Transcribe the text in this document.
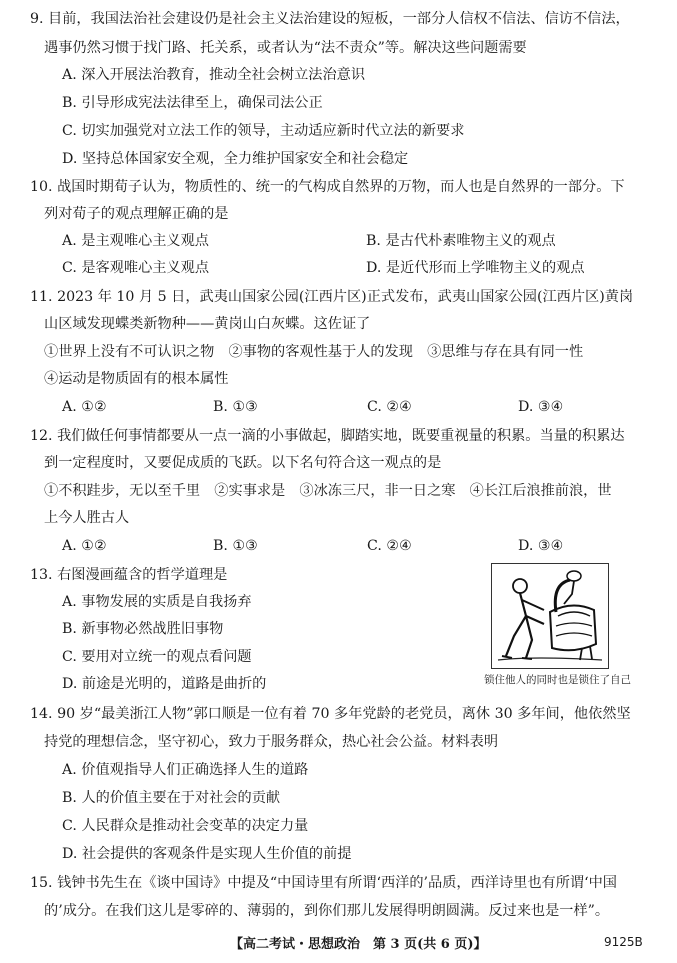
9. 目前，我国法治社会建设仍是社会主义法治建设的短板，一部分人信权不信法、信访不信法，
遇事仍然习惯于找门路、托关系，或者认为“法不责众”等。解决这些问题需要
A. 深入开展法治教育，推动全社会树立法治意识
B. 引导形成宪法法律至上，确保司法公正
C. 切实加强党对立法工作的领导，主动适应新时代立法的新要求
D. 坚持总体国家安全观，全力维护国家安全和社会稳定
10. 战国时期荀子认为，物质性的、统一的气构成自然界的万物，而人也是自然界的一部分。下
列对荀子的观点理解正确的是
A. 是主观唯心主义观点	B. 是古代朴素唯物主义的观点
C. 是客观唯心主义观点	D. 是近代形而上学唯物主义的观点
11. 2023 年 10 月 5 日，武夷山国家公园(江西片区)正式发布，武夷山国家公园(江西片区)黄岗
山区域发现蝶类新物种——黄岗山白灰蝶。这佐证了
①世界上没有不可认识之物　②事物的客观性基于人的发现　③思维与存在具有同一性
④运动是物质固有的根本属性
A. ①②	B. ①③	C. ②④	D. ③④
12. 我们做任何事情都要从一点一滴的小事做起，脚踏实地，既要重视量的积累。当量的积累达
到一定程度时，又要促成质的飞跃。以下名句符合这一观点的是
①不积跬步，无以至千里　②实事求是　③冰冻三尺，非一日之寒　④长江后浪推前浪，世
上今人胜古人
A. ①②	B. ①③	C. ②④	D. ③④
13. 右图漫画蕴含的哲学道理是
A. 事物发展的实质是自我扬弃
B. 新事物必然战胜旧事物
C. 要用对立统一的观点看问题
D. 前途是光明的，道路是曲折的	锁住他人的同时也是锁住了自己
14. 90 岁“最美浙江人物”郭口顺是一位有着 70 多年党龄的老党员，离休 30 多年间，他依然坚
持党的理想信念，坚守初心，致力于服务群众，热心社会公益。材料表明
A. 价值观指导人们正确选择人生的道路
B. 人的价值主要在于对社会的贡献
C. 人民群众是推动社会变革的决定力量
D. 社会提供的客观条件是实现人生价值的前提
15. 钱钟书先生在《谈中国诗》中提及“中国诗里有所谓‘西洋的’品质，西洋诗里也有所谓‘中国
的’成分。在我们这儿是零碎的、薄弱的，到你们那儿发展得明朗圆满。反过来也是一样”。
【高二考试・思想政治　第 3 页(共 6 页)】	9125B
